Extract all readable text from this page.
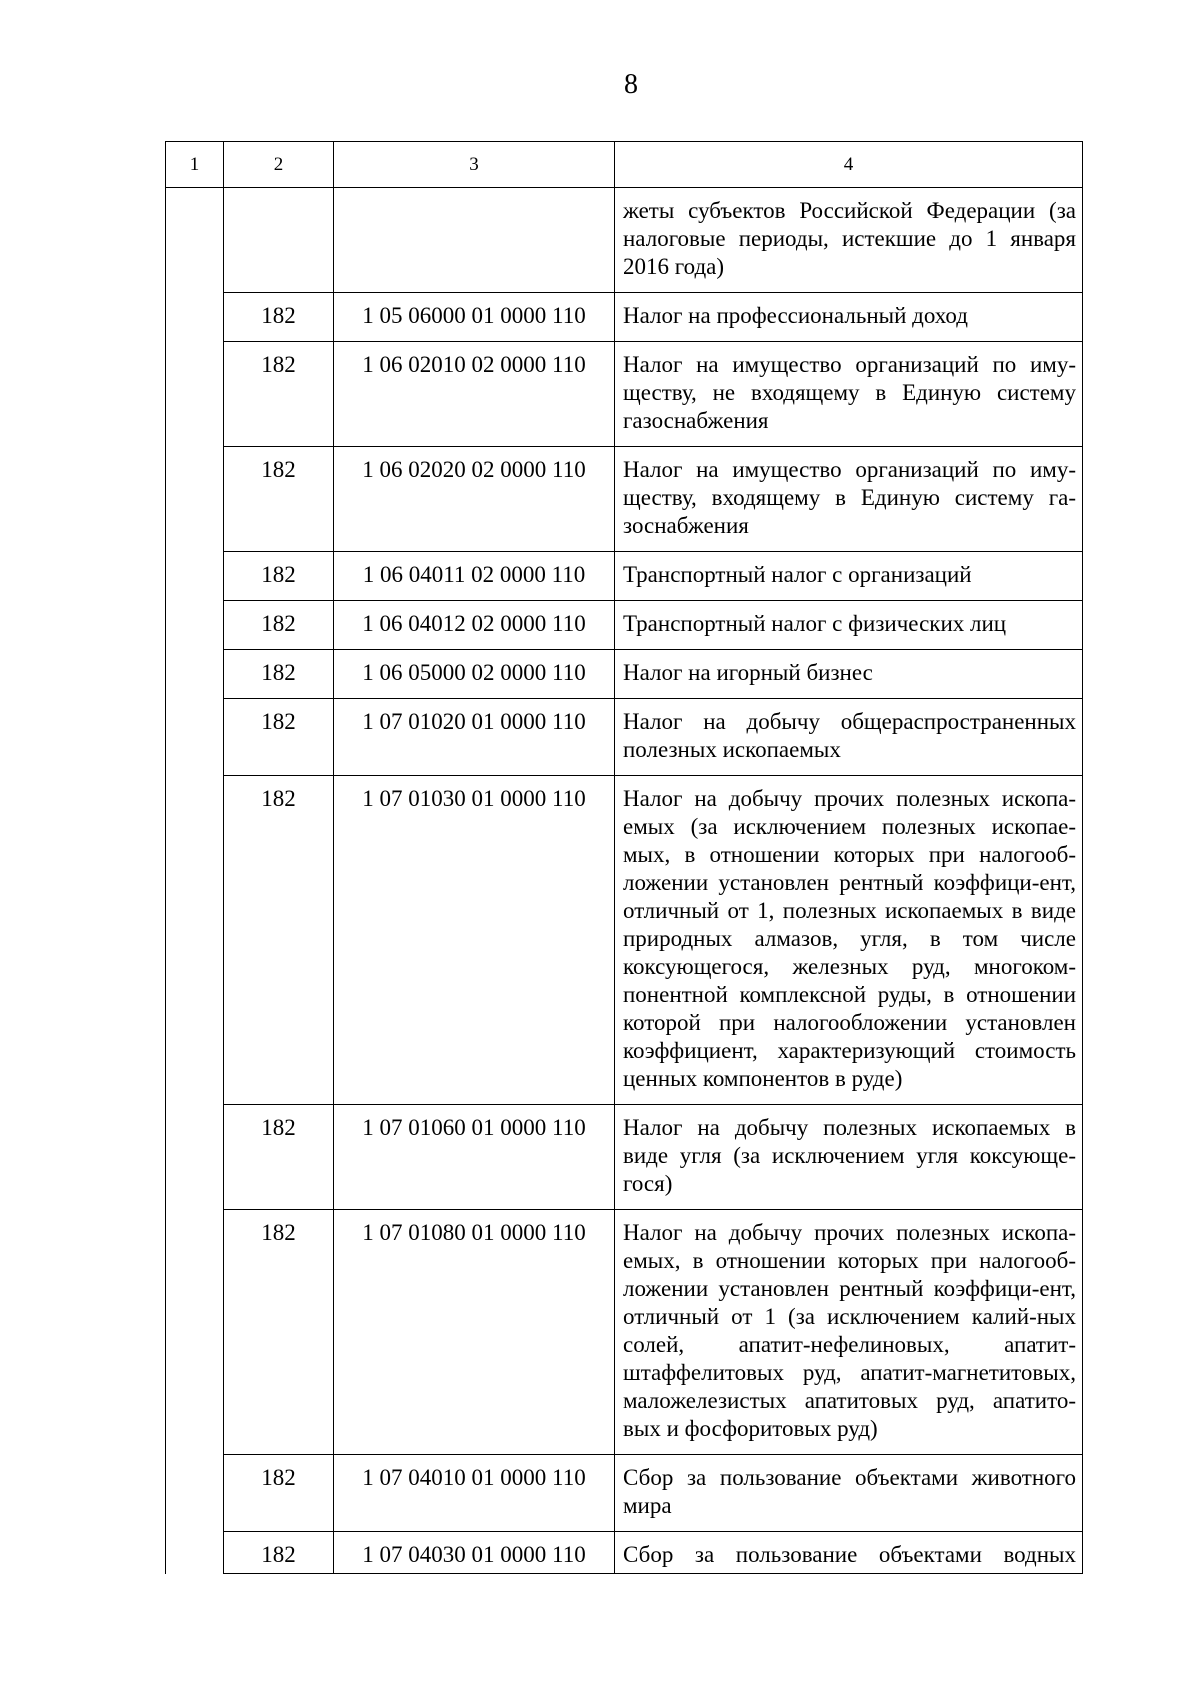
8
1	2	3	4
			жеты субъектов Российской Федерации (за налоговые периоды, истекшие до 1 января 2016 года)
	182	1 05 06000 01 0000 110	Налог на профессиональный доход
	182	1 06 02010 02 0000 110	Налог на имущество организаций по иму-ществу, не входящему в Единую систему газоснабжения
	182	1 06 02020 02 0000 110	Налог на имущество организаций по иму-ществу, входящему в Единую систему га-зоснабжения
	182	1 06 04011 02 0000 110	Транспортный налог с организаций
	182	1 06 04012 02 0000 110	Транспортный налог с физических лиц
	182	1 06 05000 02 0000 110	Налог на игорный бизнес
	182	1 07 01020 01 0000 110	Налог на добычу общераспространенных полезных ископаемых
	182	1 07 01030 01 0000 110	Налог на добычу прочих полезных ископа-емых (за исключением полезных ископае-мых, в отношении которых при налогооб-ложении установлен рентный коэффици-ент, отличный от 1, полезных ископаемых в виде природных алмазов, угля, в том числе коксующегося, железных руд, многоком-понентной комплексной руды, в отношении которой при налогообложении установлен коэффициент, характеризующий стоимость ценных компонентов в руде)
	182	1 07 01060 01 0000 110	Налог на добычу полезных ископаемых в виде угля (за исключением угля коксующе-гося)
	182	1 07 01080 01 0000 110	Налог на добычу прочих полезных ископа-емых, в отношении которых при налогооб-ложении установлен рентный коэффици-ент, отличный от 1 (за исключением калий-ных солей, апатит-нефелиновых, апатит-штаффелитовых руд, апатит-магнетитовых, маложелезистых апатитовых руд, апатито-вых и фосфоритовых руд)
	182	1 07 04010 01 0000 110	Сбор за пользование объектами животного мира
	182	1 07 04030 01 0000 110	Сбор за пользование объектами водных
